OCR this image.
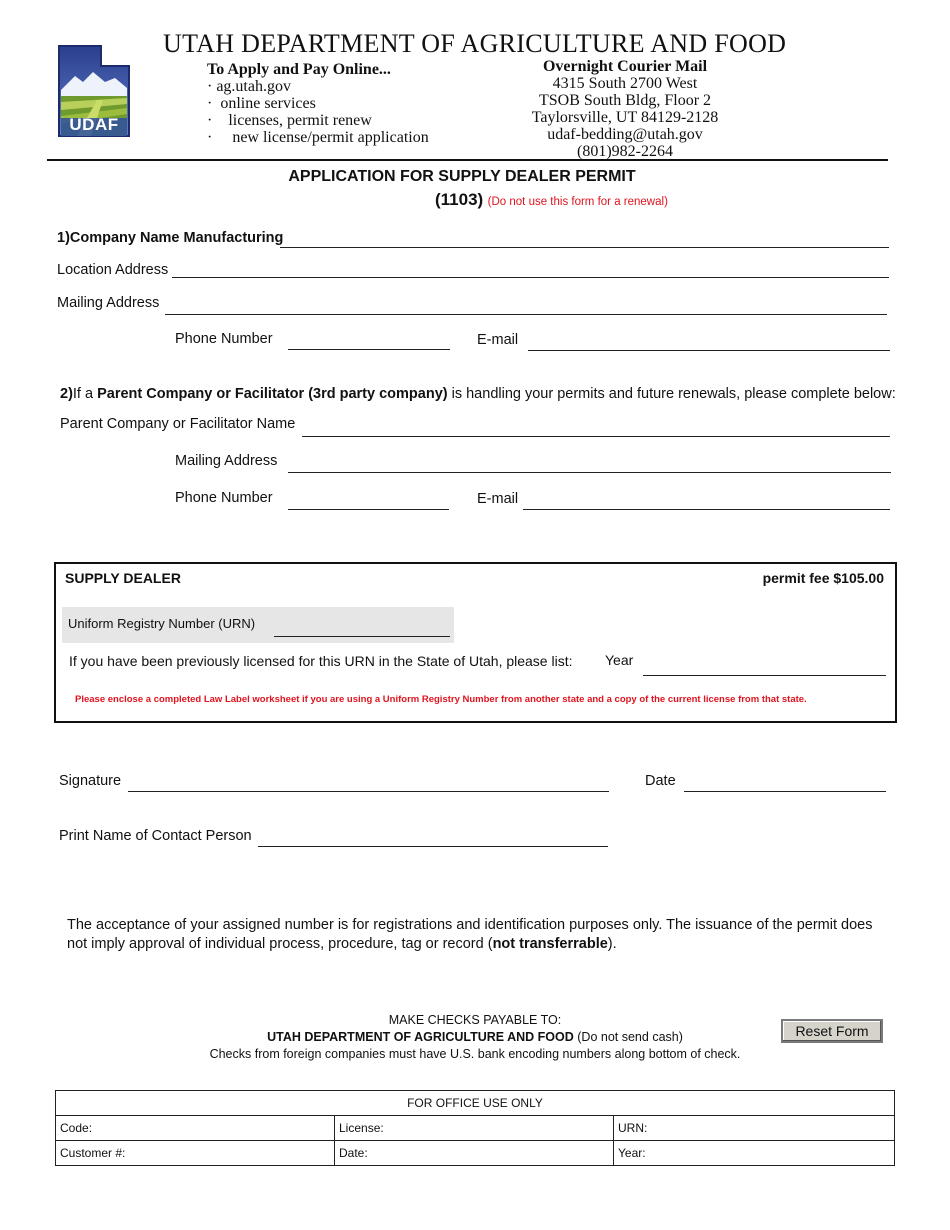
UDAF
UTAH DEPARTMENT OF AGRICULTURE AND FOOD
To Apply and Pay Online...
· ag.utah.gov
·  online services
·    licenses, permit renew
·     new license/permit application
Overnight Courier Mail
4315 South 2700 West
TSOB South Bldg, Floor 2
Taylorsville, UT 84129-2128
udaf-bedding@utah.gov
(801)982-2264
APPLICATION FOR SUPPLY DEALER PERMIT
(1103) (Do not use this form for a renewal)
1)Company Name Manufacturing
Location Address
Mailing Address
Phone Number	E-mail
2)If a Parent Company or Facilitator (3rd party company) is handling your permits and future renewals, please complete below:
Parent Company or Facilitator Name
Mailing Address
Phone Number	E-mail
SUPPLY DEALER	permit fee $105.00
Uniform Registry Number (URN)
If you have been previously licensed for this URN in the State of Utah, please list: Year
Please enclose a completed Law Label worksheet if you are using a Uniform Registry Number from another state and a copy of the current license from that state.
Signature	Date
Print Name of Contact Person
The acceptance of your assigned number is for registrations and identification purposes only. The issuance of the permit does not imply approval of individual process, procedure, tag or record (not transferrable).
MAKE CHECKS PAYABLE TO:
UTAH DEPARTMENT OF AGRICULTURE AND FOOD (Do not send cash)
Checks from foreign companies must have U.S. bank encoding numbers along bottom of check.
Reset Form
FOR OFFICE USE ONLY		
Code:	License:	URN:
Customer #:	Date:	Year:
